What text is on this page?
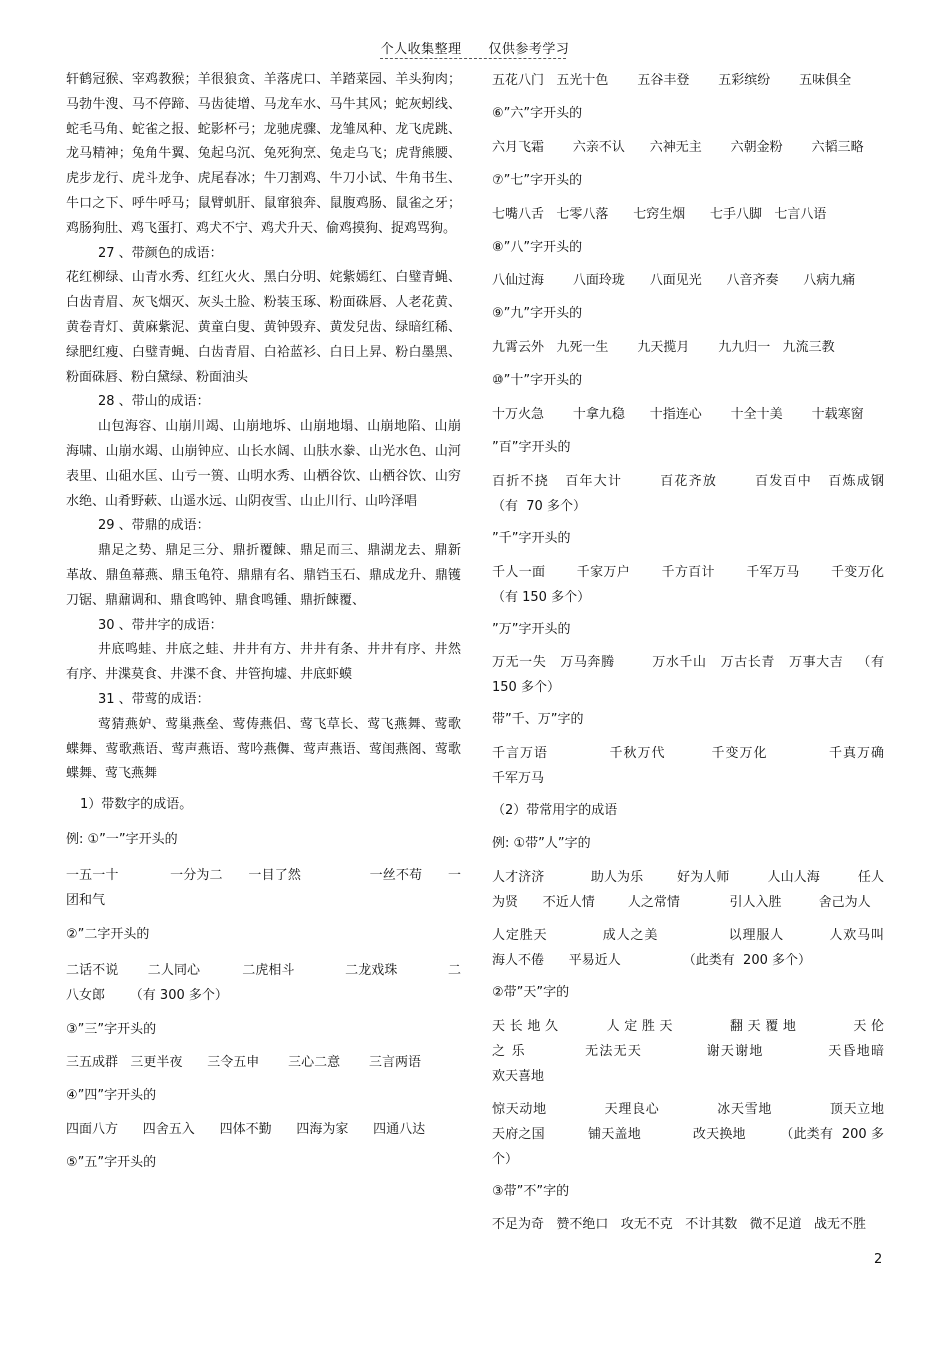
个人收集整理 仅供参考学习

轩鹤冠猴、宰鸡教猴；羊很狼贪、羊落虎口、羊踏菜园、羊头狗肉；马勃牛溲、马不停蹄、马齿徒增、马龙车水、马牛其风；蛇灰蚓线、蛇毛马角、蛇雀之报、蛇影杯弓；龙驰虎骤、龙雏凤种、龙飞虎跳、龙马精神；兔角牛翼、兔起乌沉、兔死狗烹、兔走乌飞；虎背熊腰、虎步龙行、虎斗龙争、虎尾春冰；牛刀割鸡、牛刀小试、牛角书生、牛口之下、呼牛呼马；鼠臂虮肝、鼠窜狼奔、鼠腹鸡肠、鼠雀之牙；鸡肠狗肚、鸡飞蛋打、鸡犬不宁、鸡犬升天、偷鸡摸狗、捉鸡骂狗。

27 、带颜色的成语：

花红柳绿、山青水秀、红红火火、黑白分明、姹紫嫣红、白璧青蝇、白齿青眉、灰飞烟灭、灰头土脸、粉装玉琢、粉面硃唇、人老花黄、黄卷青灯、黄麻紫泥、黄童白叟、黄钟毁弃、黄发兒齿、绿暗红稀、绿肥红瘦、白璧青蝇、白齿青眉、白袷蓝衫、白日上昇、粉白墨黑、粉面硃唇、粉白黛绿、粉面油头

28 、带山的成语：

山包海容、山崩川竭、山崩地坼、山崩地塌、山崩地陷、山崩海啸、山崩水竭、山崩钟应、山长水阔、山肤水豢、山光水色、山河表里、山砠水匡、山亏一篑、山明水秀、山栖谷饮、山栖谷饮、山穷水绝、山肴野蔌、山遥水远、山阴夜雪、山止川行、山吟泽唱

29 、带鼎的成语：

鼎足之势、鼎足三分、鼎折覆餗、鼎足而三、鼎湖龙去、鼎新革故、鼎鱼幕燕、鼎玉龟符、鼎鼎有名、鼎铛玉石、鼎成龙升、鼎镬刀锯、鼎鼐调和、鼎食鸣钟、鼎食鸣锺、鼎折餗覆、

30 、带井字的成语：

井底鸣蛙、井底之蛙、井井有方、井井有条、井井有序、井然有序、井渫莫食、井渫不食、井管拘墟、井底虾蟆

31 、带莺的成语：

莺猜燕妒、莺巢燕垒、莺俦燕侣、莺飞草长、莺飞燕舞、莺歌蝶舞、莺歌燕语、莺声燕语、莺吟燕儛、莺声燕语、莺闺燕阁、莺歌蝶舞、莺飞燕舞

1）带数字的成语。

例: ①”一”字开头的

一五一十            一分为二      一目了然                一丝不苟      一团和气

②”二字开头的

二话不说       二人同心          二虎相斗            二龙戏珠            二八女郎      （有 300 多个）

③”三”字开头的

三五成群   三更半夜      三令五申       三心二意       三言两语

④”四”字开头的

四面八方      四舍五入      四体不勤      四海为家      四通八达

⑤”五”字开头的

五花八门   五光十色       五谷丰登       五彩缤纷       五味俱全

⑥”六”字开头的

六月飞霜       六亲不认      六神无主       六朝金粉       六韬三略

⑦”七”字开头的

七嘴八舌   七零八落      七窍生烟      七手八脚   七言八语

⑧”八”字开头的

八仙过海       八面玲珑      八面见光      八音齐奏      八病九痛

⑨”九”字开头的

九霄云外   九死一生       九天揽月       九九归一   九流三教

⑩”十”字开头的

十万火急       十拿九稳      十指连心       十全十美       十载寒窗

”百”字开头的

百折不挠   百年大计       百花齐放       百发百中   百炼成钢      （有  70 多个）

”千”字开头的

千人一面       千家万户       千方百计       千军万马       千变万化          （有 150 多个）

”万”字开头的

万无一失   万马奔腾        万水千山   万古长青   万事大吉   （有 150 多个）

带”千、万”字的

千言万语            千秋万代         千变万化            千真万确            千军万马

（2）带常用字的成语

例: ①带”人”字的

人才济济           助人为乐        好为人师         人山人海         任人为贤      不近人情        人之常情            引人入胜         舍己为人

人定胜天           成人之美              以理服人         人欢马叫           海人不倦      平易近人               （此类有  200 多个）

②带”天”字的

天 长 地 久           人 定 胜 天             翻 天 覆 地             天 伦 之 乐           无法无天            谢天谢地            天昏地暗             欢天喜地

惊天动地            天理良心            冰天雪地            顶天立地             天府之国          铺天盖地            改天换地        （此类有  200 多个）

③带”不”字的

不足为奇   赞不绝口   攻无不克   不计其数   微不足道   战无不胜

2
